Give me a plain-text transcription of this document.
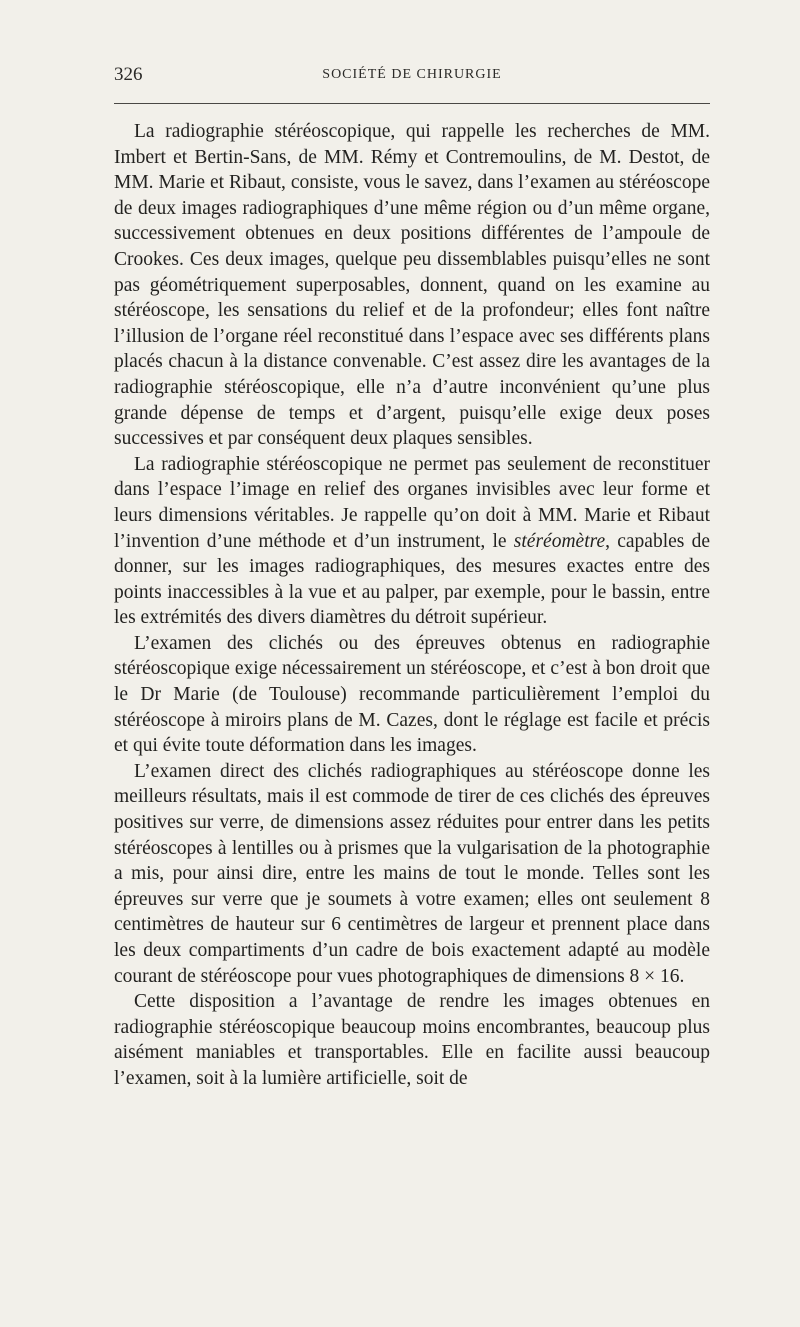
326	SOCIÉTÉ DE CHIRURGIE

La radiographie stéréoscopique, qui rappelle les recherches de MM. Imbert et Bertin-Sans, de MM. Rémy et Contremoulins, de M. Destot, de MM. Marie et Ribaut, consiste, vous le savez, dans l’examen au stéréoscope de deux images radiographiques d’une même région ou d’un même organe, successivement obtenues en deux positions différentes de l’ampoule de Crookes. Ces deux images, quelque peu dissemblables puisqu’elles ne sont pas géométriquement superposables, donnent, quand on les examine au stéréoscope, les sensations du relief et de la profondeur; elles font naître l’illusion de l’organe réel reconstitué dans l’espace avec ses différents plans placés chacun à la distance convenable. C’est assez dire les avantages de la radiographie stéréoscopique, elle n’a d’autre inconvénient qu’une plus grande dépense de temps et d’argent, puisqu’elle exige deux poses successives et par conséquent deux plaques sensibles.

La radiographie stéréoscopique ne permet pas seulement de reconstituer dans l’espace l’image en relief des organes invisibles avec leur forme et leurs dimensions véritables. Je rappelle qu’on doit à MM. Marie et Ribaut l’invention d’une méthode et d’un instrument, le stéréomètre, capables de donner, sur les images radiographiques, des mesures exactes entre des points inaccessibles à la vue et au palper, par exemple, pour le bassin, entre les extrémités des divers diamètres du détroit supérieur.

L’examen des clichés ou des épreuves obtenus en radiographie stéréoscopique exige nécessairement un stéréoscope, et c’est à bon droit que le Dr Marie (de Toulouse) recommande particulièrement l’emploi du stéréoscope à miroirs plans de M. Cazes, dont le réglage est facile et précis et qui évite toute déformation dans les images.

L’examen direct des clichés radiographiques au stéréoscope donne les meilleurs résultats, mais il est commode de tirer de ces clichés des épreuves positives sur verre, de dimensions assez réduites pour entrer dans les petits stéréoscopes à lentilles ou à prismes que la vulgarisation de la photographie a mis, pour ainsi dire, entre les mains de tout le monde. Telles sont les épreuves sur verre que je soumets à votre examen; elles ont seulement 8 centimètres de hauteur sur 6 centimètres de largeur et prennent place dans les deux compartiments d’un cadre de bois exactement adapté au modèle courant de stéréoscope pour vues photographiques de dimensions 8 × 16.

Cette disposition a l’avantage de rendre les images obtenues en radiographie stéréoscopique beaucoup moins encombrantes, beaucoup plus aisément maniables et transportables. Elle en facilite aussi beaucoup l’examen, soit à la lumière artificielle, soit de
